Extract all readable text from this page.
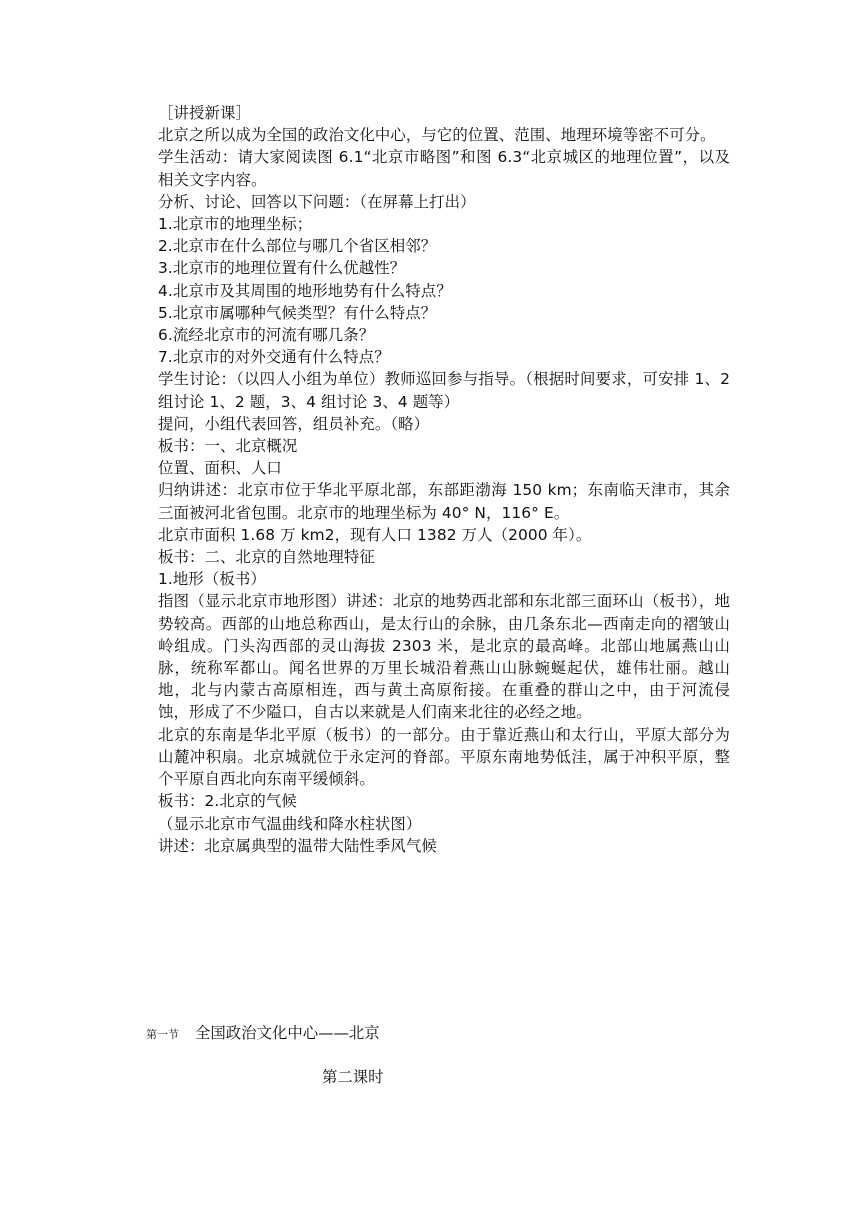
［讲授新课］

北京之所以成为全国的政治文化中心，与它的位置、范围、地理环境等密不可分。

学生活动：请大家阅读图 6.1“北京市略图”和图 6.3“北京城区的地理位置”，以及相关文字内容。

分析、讨论、回答以下问题：（在屏幕上打出）

1.北京市的地理坐标；

2.北京市在什么部位与哪几个省区相邻？

3.北京市的地理位置有什么优越性？

4.北京市及其周围的地形地势有什么特点？

5.北京市属哪种气候类型？有什么特点？

6.流经北京市的河流有哪几条？

7.北京市的对外交通有什么特点？

学生讨论：（以四人小组为单位）教师巡回参与指导。（根据时间要求，可安排 1、2 组讨论 1、2 题，3、4 组讨论 3、4 题等）

提问，小组代表回答，组员补充。（略）

板书：一、北京概况

位置、面积、人口

归纳讲述：北京市位于华北平原北部，东部距渤海 150 km；东南临天津市，其余三面被河北省包围。北京市的地理坐标为 40° N，116° E。

北京市面积 1.68 万 km2，现有人口 1382 万人（2000 年）。

板书：二、北京的自然地理特征

1.地形（板书）

指图（显示北京市地形图）讲述：北京的地势西北部和东北部三面环山（板书），地势较高。西部的山地总称西山，是太行山的余脉，由几条东北—西南走向的褶皱山岭组成。门头沟西部的灵山海拔 2303 米，是北京的最高峰。北部山地属燕山山脉，统称军都山。闻名世界的万里长城沿着燕山山脉蜿蜒起伏，雄伟壮丽。越山地，北与内蒙古高原相连，西与黄土高原衔接。在重叠的群山之中，由于河流侵蚀，形成了不少隘口，自古以来就是人们南来北往的必经之地。

北京的东南是华北平原（板书）的一部分。由于靠近燕山和太行山，平原大部分为山麓冲积扇。北京城就位于永定河的脊部。平原东南地势低洼，属于冲积平原，整个平原自西北向东南平缓倾斜。

板书：2.北京的气候

（显示北京市气温曲线和降水柱状图）

讲述：北京属典型的温带大陆性季风气候

第一节 全国政治文化中心——北京
第二课时
